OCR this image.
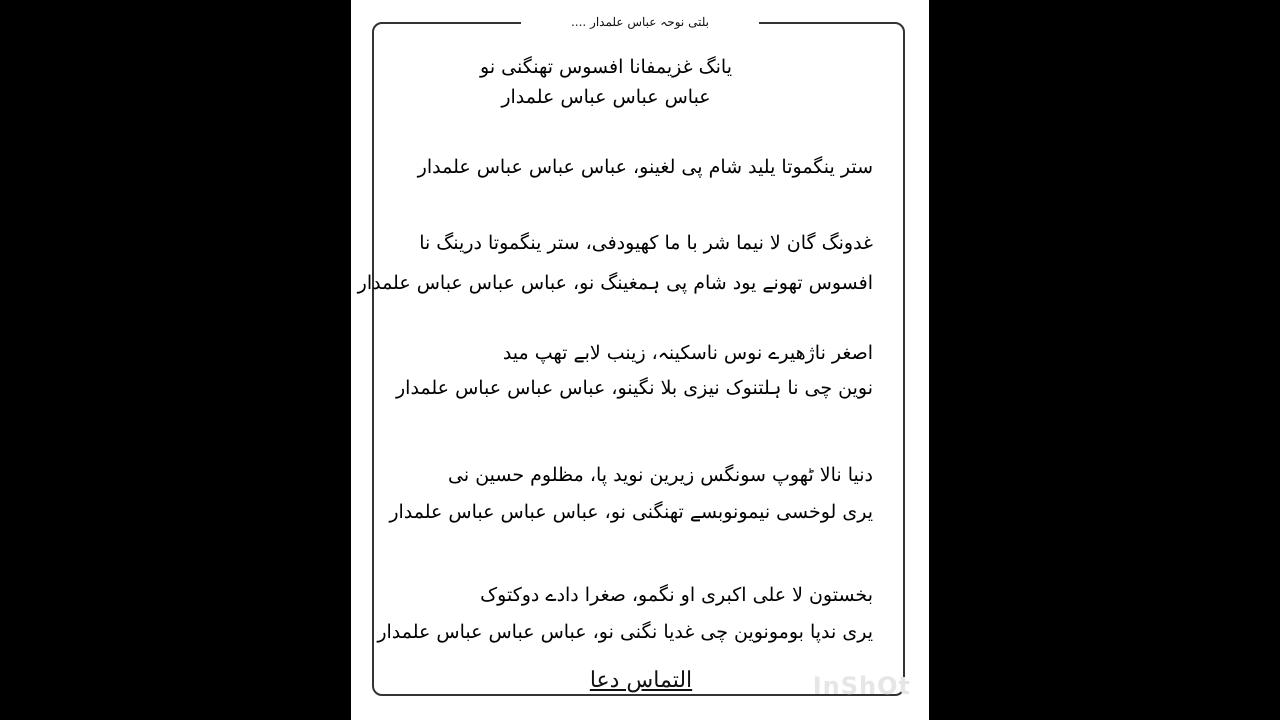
بلتی نوحہ عباس علمدار ....
یانگ غزیمفانا افسوس تھنگنی نو
عباس عباس عباس علمدار
ستر ینگموتا یلید شام پی لغینو، عباس عباس عباس علمدار
غدونگ گان لا نیما شر با ما کھیودفی، ستر ینگموتا درینگ نا
افسوس تھونے یود شام پی ہمغینگ نو، عباس عباس عباس علمدار
اصغر ناژھیرے نوس ناسکینہ، زینب لابے تھپ مید
نوین چی نا ہلتنوک نیزی بلا نگینو، عباس عباس عباس علمدار
دنیا نالا ٹھوپ سونگس زیرین نوید پا، مظلوم حسین نی
یری لوخسی نیمونوبسے تھنگنی نو، عباس عباس عباس علمدار
بخستون لا علی اکبری او نگمو، صغرا دادے دوکتوک
یری ندپا بومونوین چی غدیا نگنی نو، عباس عباس عباس علمدار
التماس دعا	InShOt
